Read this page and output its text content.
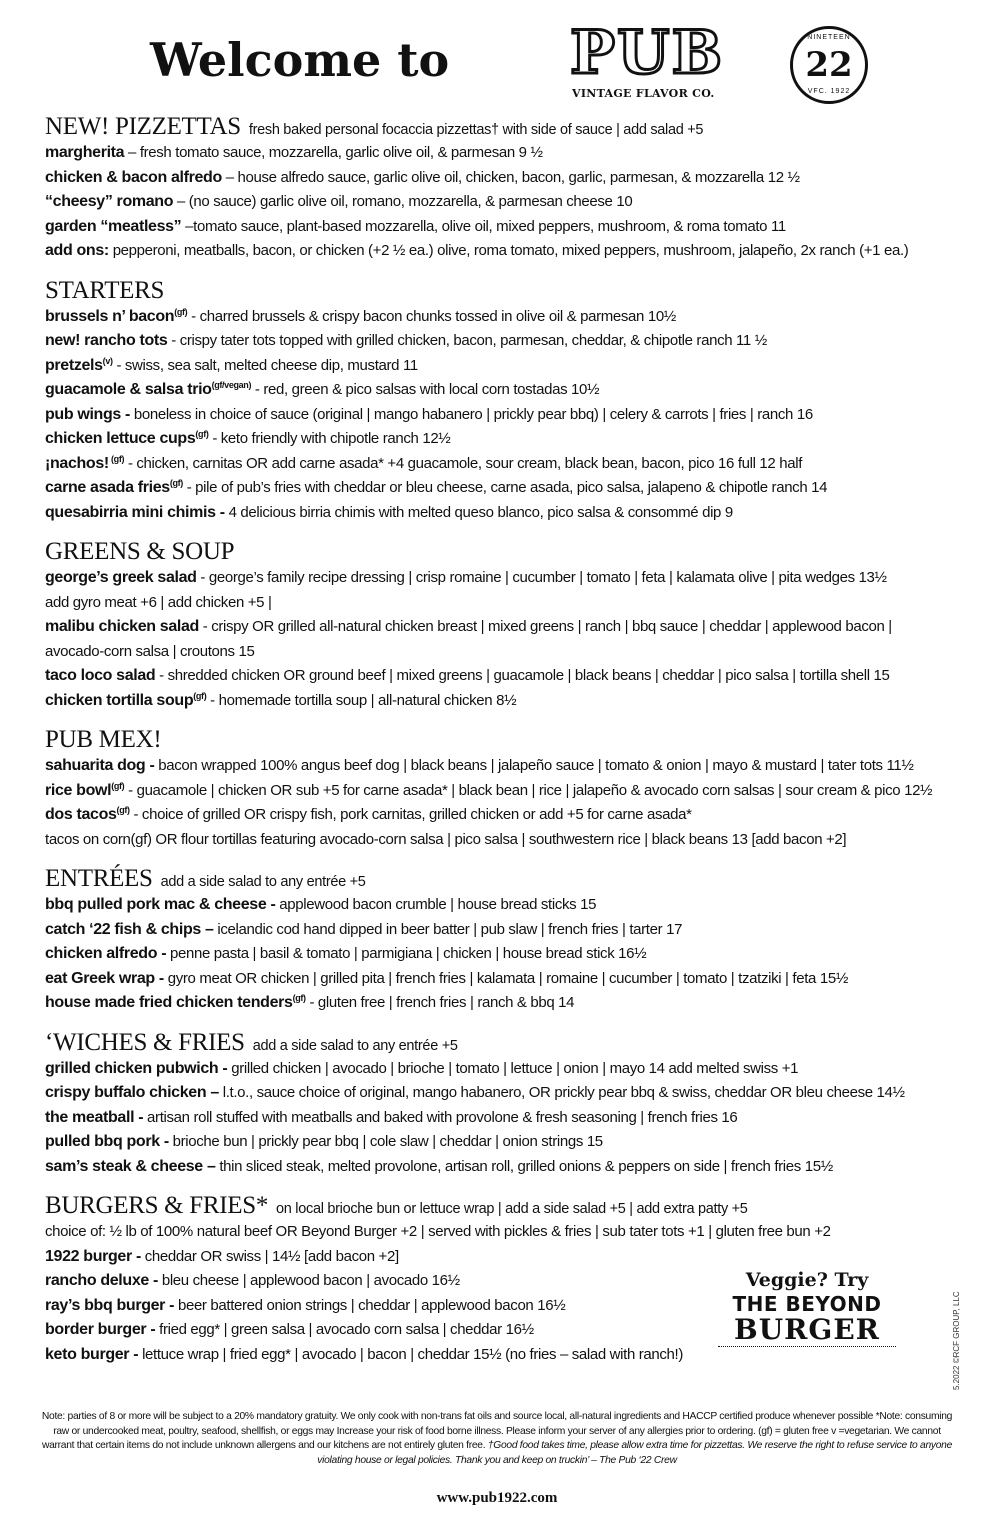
Welcome to PUB
VINTAGE FLAVOR CO.
NINETEEN
22
VFC. 1922
NEW! PIZZETTAS fresh baked personal focaccia pizzettas† with side of sauce | add salad +5
margherita – fresh tomato sauce, mozzarella, garlic olive oil, & parmesan 9 ½
chicken & bacon alfredo – house alfredo sauce, garlic olive oil, chicken, bacon, garlic, parmesan, & mozzarella 12 ½
“cheesy” romano – (no sauce) garlic olive oil, romano, mozzarella, & parmesan cheese 10
garden “meatless” –tomato sauce, plant-based mozzarella, olive oil, mixed peppers, mushroom, & roma tomato 11
add ons: pepperoni, meatballs, bacon, or chicken (+2 ½ ea.) olive, roma tomato, mixed peppers, mushroom, jalapeño, 2x ranch (+1 ea.)
STARTERS
brussels n’ bacon$^{(gf)}$ - charred brussels & crispy bacon chunks tossed in olive oil & parmesan 10½
new! rancho tots - crispy tater tots topped with grilled chicken, bacon, parmesan, cheddar, & chipotle ranch 11 ½
pretzels$^{(v)}$ - swiss, sea salt, melted cheese dip, mustard 11
guacamole & salsa trio$^{(gf/vegan)}$ - red, green & pico salsas with local corn tostadas 10½
pub wings - boneless in choice of sauce (original | mango habanero | prickly pear bbq) | celery & carrots | fries | ranch 16
chicken lettuce cups$^{(gf)}$ - keto friendly with chipotle ranch 12½
¡nachos! $^{(gf)}$ - chicken, carnitas OR add carne asada* +4 guacamole, sour cream, black bean, bacon, pico 16 full 12 half
carne asada fries$^{(gf)}$ - pile of pub’s fries with cheddar or bleu cheese, carne asada, pico salsa, jalapeno & chipotle ranch 14
quesabirria mini chimis - 4 delicious birria chimis with melted queso blanco, pico salsa & consommé dip 9
GREENS & SOUP
george’s greek salad - george’s family recipe dressing | crisp romaine | cucumber | tomato | feta | kalamata olive | pita wedges 13½
add gyro meat +6 | add chicken +5 |
malibu chicken salad - crispy OR grilled all-natural chicken breast | mixed greens | ranch | bbq sauce | cheddar | applewood bacon |
avocado-corn salsa | croutons 15
taco loco salad - shredded chicken OR ground beef | mixed greens | guacamole | black beans | cheddar | pico salsa | tortilla shell 15
chicken tortilla soup$^{(gf)}$ - homemade tortilla soup | all-natural chicken 8½
PUB MEX!
sahuarita dog - bacon wrapped 100% angus beef dog | black beans | jalapeño sauce | tomato & onion | mayo & mustard | tater tots 11½
rice bowl$^{(gf)}$ - guacamole | chicken OR sub +5 for carne asada* | black bean | rice | jalapeño & avocado corn salsas | sour cream & pico 12½
dos tacos$^{(gf)}$ - choice of grilled OR crispy fish, pork carnitas, grilled chicken or add +5 for carne asada*
tacos on corn(gf) OR flour tortillas featuring avocado-corn salsa | pico salsa | southwestern rice | black beans 13 [add bacon +2]
ENTRÉES add a side salad to any entrée +5
bbq pulled pork mac & cheese - applewood bacon crumble | house bread sticks 15
catch ‘22 fish & chips – icelandic cod hand dipped in beer batter | pub slaw | french fries | tarter 17
chicken alfredo - penne pasta | basil & tomato | parmigiana | chicken | house bread stick 16½
eat Greek wrap - gyro meat OR chicken | grilled pita | french fries | kalamata | romaine | cucumber | tomato | tzatziki | feta 15½
house made fried chicken tenders$^{(gf)}$ - gluten free | french fries | ranch & bbq 14
‘WICHES & FRIES add a side salad to any entrée +5
grilled chicken pubwich - grilled chicken | avocado | brioche | tomato | lettuce | onion | mayo 14 add melted swiss +1
crispy buffalo chicken – l.t.o., sauce choice of original, mango habanero, OR prickly pear bbq & swiss, cheddar OR bleu cheese 14½
the meatball - artisan roll stuffed with meatballs and baked with provolone & fresh seasoning | french fries 16
pulled bbq pork - brioche bun | prickly pear bbq | cole slaw | cheddar | onion strings 15
sam’s steak & cheese – thin sliced steak, melted provolone, artisan roll, grilled onions & peppers on side | french fries 15½
BURGERS & FRIES* on local brioche bun or lettuce wrap | add a side salad +5 | add extra patty +5
choice of: ½ lb of 100% natural beef OR Beyond Burger +2 | served with pickles & fries | sub tater tots +1 | gluten free bun +2
1922 burger - cheddar OR swiss | 14½ [add bacon +2]
rancho deluxe - bleu cheese | applewood bacon | avocado 16½
ray’s bbq burger - beer battered onion strings | cheddar | applewood bacon 16½
border burger - fried egg* | green salsa | avocado corn salsa | cheddar 16½
keto burger - lettuce wrap | fried egg* | avocado | bacon | cheddar 15½ (no fries – salad with ranch!)
Veggie? Try
THE BEYOND
BURGER	5.2022 ©RCF GROUP, LLC
Note: parties of 8 or more will be subject to a 20% mandatory gratuity. We only cook with non-trans fat oils and source local, all-natural ingredients and HACCP certified produce whenever possible *Note: consuming raw or undercooked meat, poultry, seafood, shellfish, or eggs may Increase your risk of food borne illness. Please inform your server of any allergies prior to ordering. (gf) = gluten free v =vegetarian. We cannot warrant that certain items do not include unknown allergens and our kitchens are not entirely gluten free. †Good food takes time, please allow extra time for pizzettas. We reserve the right to refuse service to anyone violating house or legal policies. Thank you and keep on truckin’ – The Pub ‘22 Crew
www.pub1922.com
